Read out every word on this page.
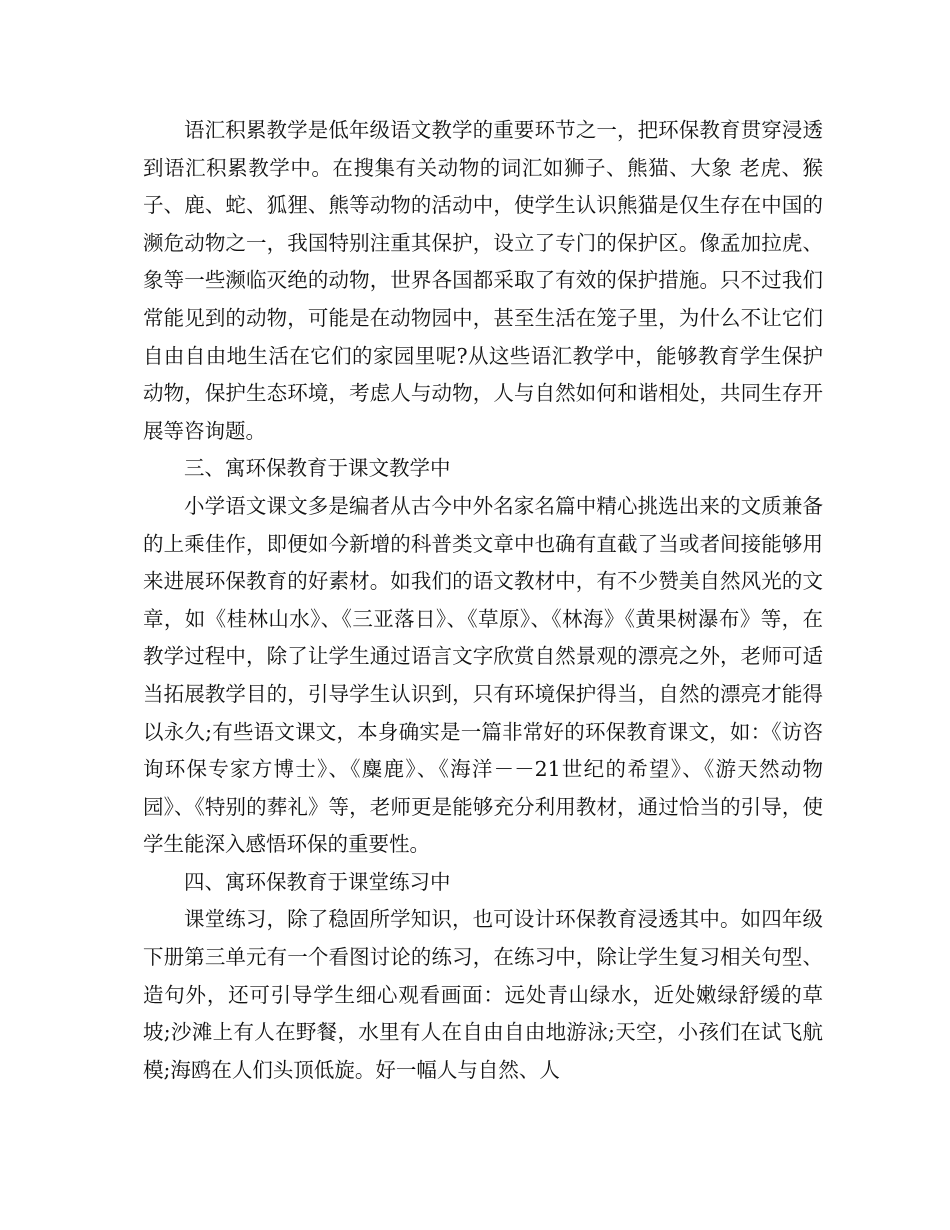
语汇积累教学是低年级语文教学的重要环节之一，把环保教育贯穿浸透到语汇积累教学中。在搜集有关动物的词汇如狮子、熊猫、大象 老虎、猴子、鹿、蛇、狐狸、熊等动物的活动中，使学生认识熊猫是仅生存在中国的濒危动物之一，我国特别注重其保护，设立了专门的保护区。像孟加拉虎、象等一些濒临灭绝的动物，世界各国都采取了有效的保护措施。只不过我们常能见到的动物，可能是在动物园中，甚至生活在笼子里，为什么不让它们自由自由地生活在它们的家园里呢?从这些语汇教学中，能够教育学生保护动物，保护生态环境，考虑人与动物，人与自然如何和谐相处，共同生存开展等咨询题。

三、寓环保教育于课文教学中

小学语文课文多是编者从古今中外名家名篇中精心挑选出来的文质兼备的上乘佳作，即便如今新增的科普类文章中也确有直截了当或者间接能够用来进展环保教育的好素材。如我们的语文教材中，有不少赞美自然风光的文章，如《桂林山水》、《三亚落日》、《草原》、《林海》《黄果树瀑布》等，在教学过程中，除了让学生通过语言文字欣赏自然景观的漂亮之外，老师可适当拓展教学目的，引导学生认识到，只有环境保护得当，自然的漂亮才能得以永久;有些语文课文，本身确实是一篇非常好的环保教育课文，如：《访咨询环保专家方博士》、《麋鹿》、《海洋－－21世纪的希望》、《游天然动物园》、《特别的葬礼》等，老师更是能够充分利用教材，通过恰当的引导，使学生能深入感悟环保的重要性。

四、寓环保教育于课堂练习中

课堂练习，除了稳固所学知识，也可设计环保教育浸透其中。如四年级下册第三单元有一个看图讨论的练习，在练习中，除让学生复习相关句型、造句外，还可引导学生细心观看画面：远处青山绿水，近处嫩绿舒缓的草坡;沙滩上有人在野餐，水里有人在自由自由地游泳;天空，小孩们在试飞航模;海鸥在人们头顶低旋。好一幅人与自然、人
